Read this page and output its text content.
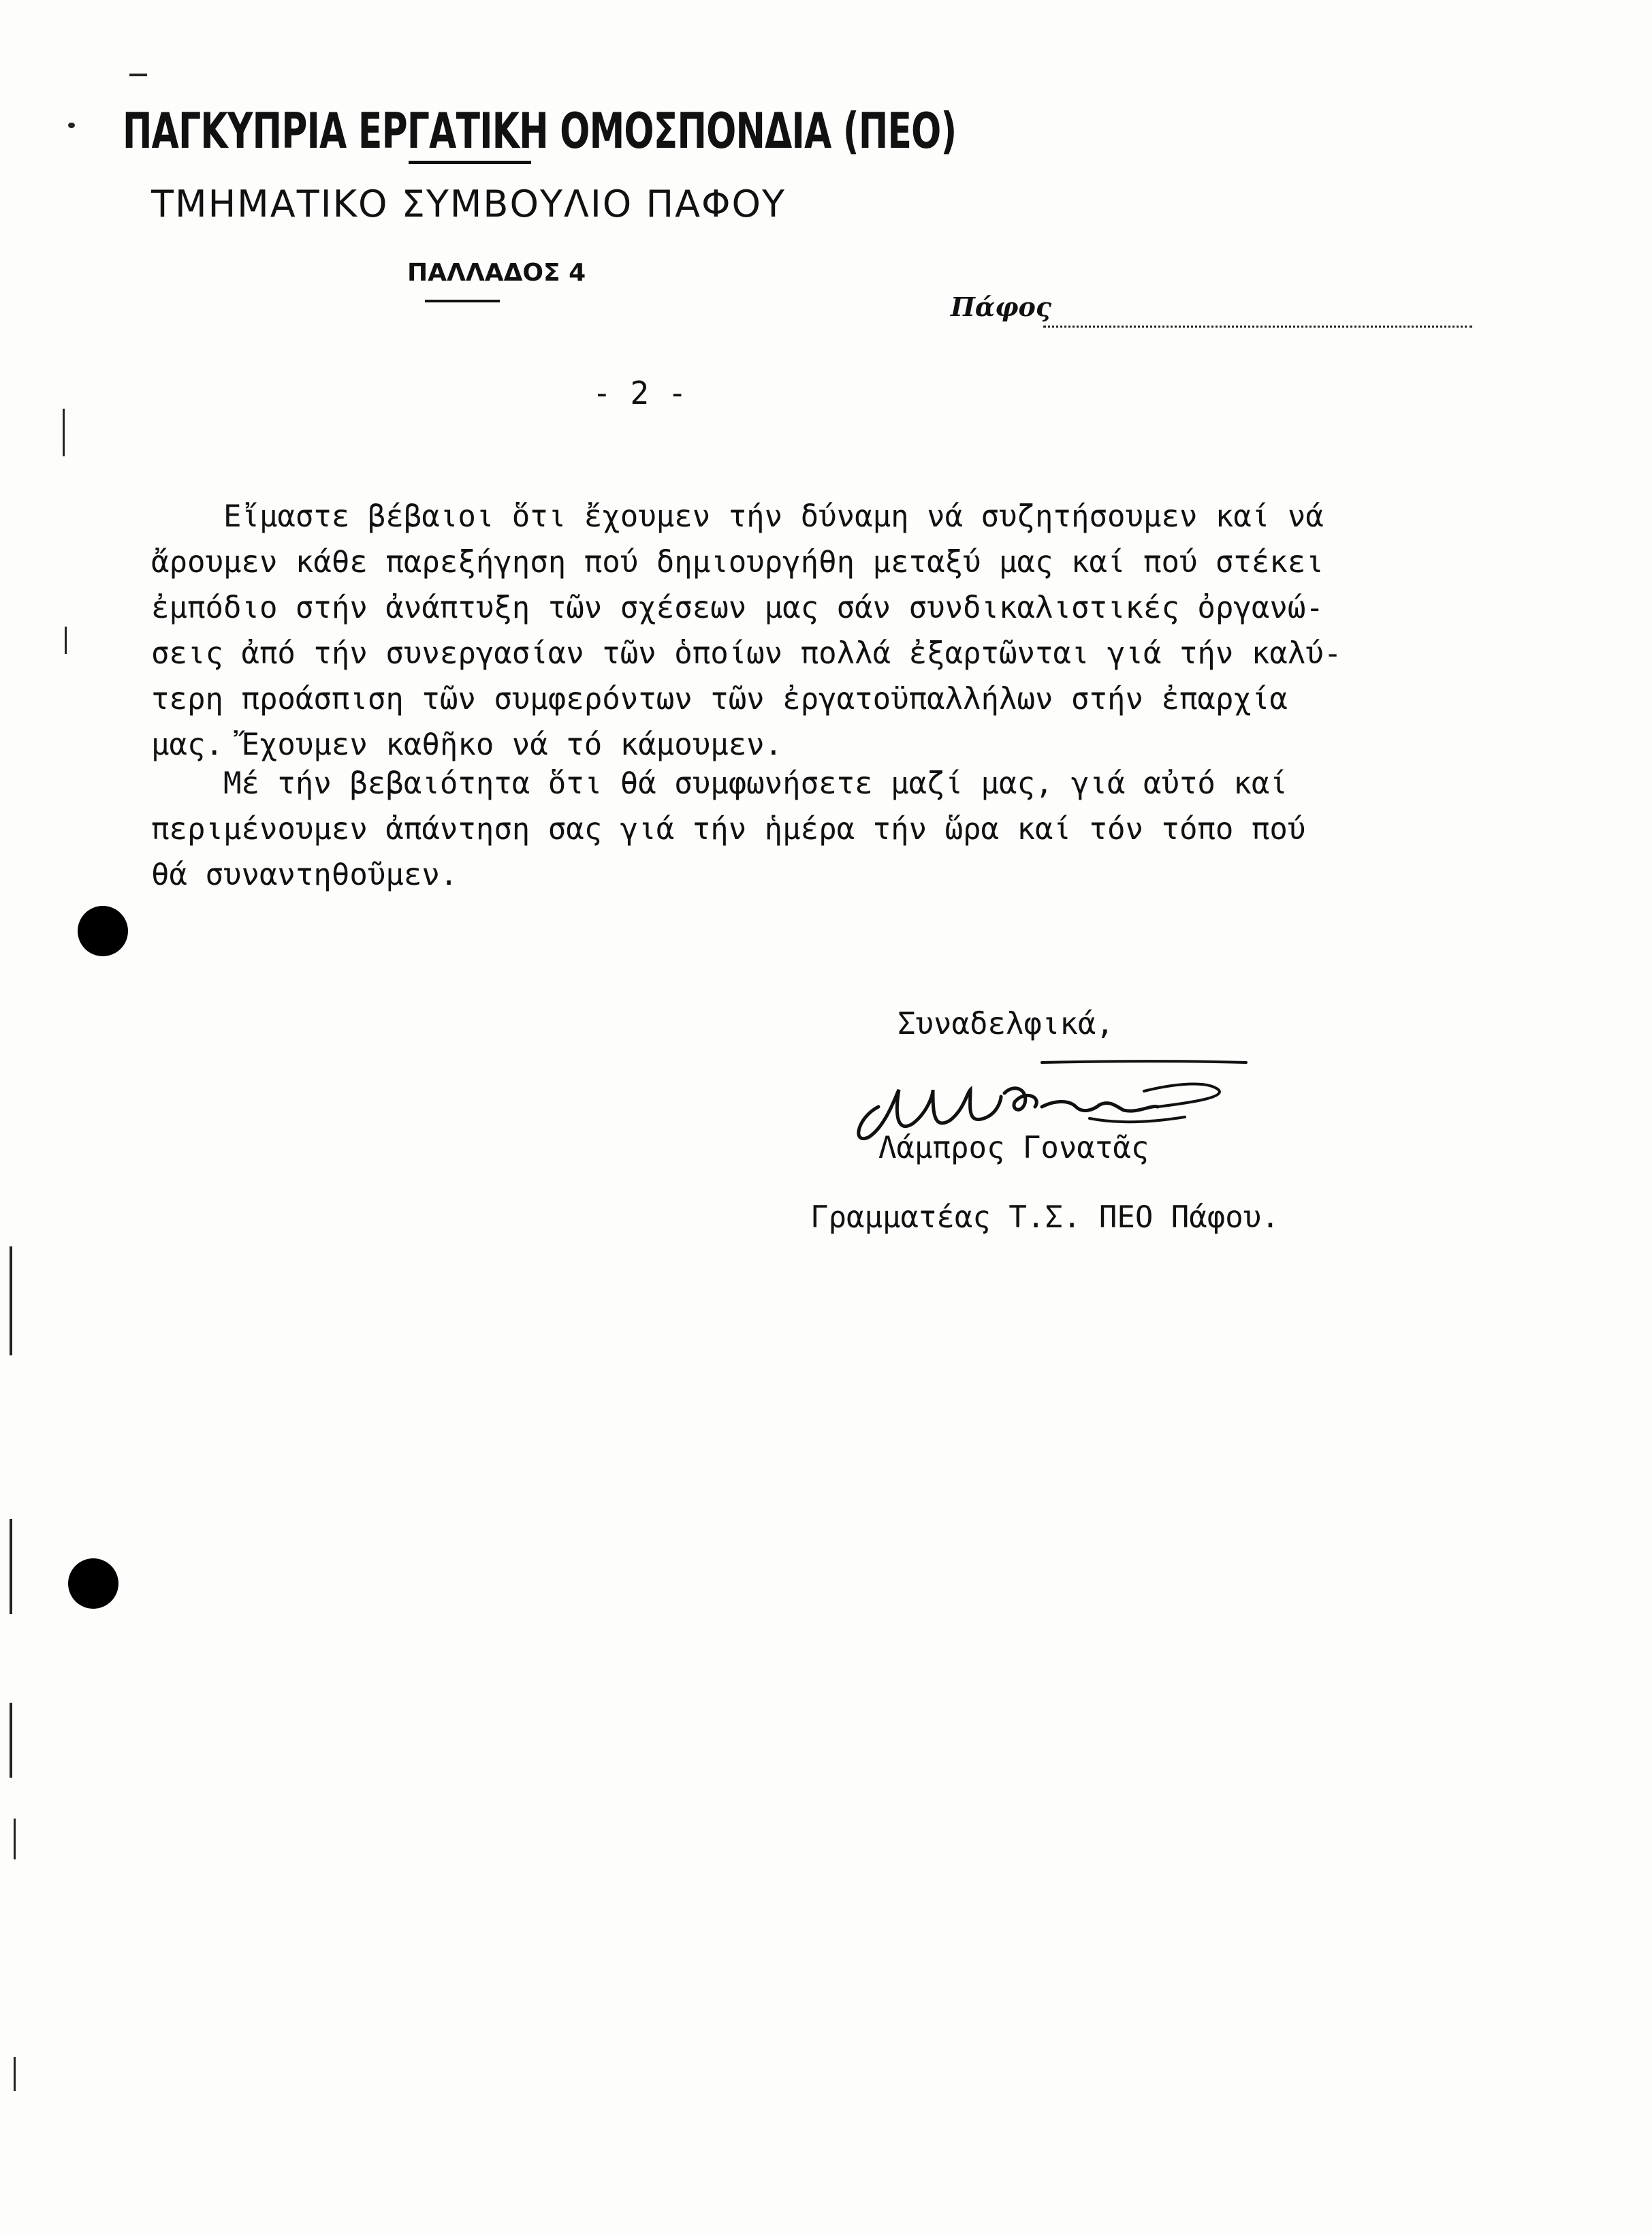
ΠΑΓΚΥΠΡΙΑ ΕΡΓΑΤΙΚΗ ΟΜΟΣΠΟΝΔΙΑ (ΠΕΟ)
ΤΜΗΜΑΤΙΚΟ ΣΥΜΒΟΥΛΙΟ ΠΑΦΟΥ
ΠΑΛΛΑΔΟΣ 4
Πάφος
- 2 -
Εἴμαστε βέβαιοι ὅτι ἔχουμεν τήν δύναμη νά συζητήσουμεν καί νά
ἄρουμεν κάθε παρεξήγηση πού δημιουργήθη μεταξύ μας καί πού στέκει
ἐμπόδιο στήν ἀνάπτυξη τῶν σχέσεων μας σάν συνδικαλιστικές ὀργανώ-
σεις ἀπό τήν συνεργασίαν τῶν ὁποίων πολλά ἐξαρτῶνται γιά τήν καλύ-
τερη προάσπιση τῶν συμφερόντων τῶν ἐργατοϋπαλλήλων στήν ἐπαρχία
μας. Ἔχουμεν καθῆκο νά τό κάμουμεν.
Μέ τήν βεβαιότητα ὅτι θά συμφωνήσετε μαζί μας, γιά αὐτό καί
περιμένουμεν ἀπάντηση σας γιά τήν ἡμέρα τήν ὥρα καί τόν τόπο πού
θά συναντηθοῦμεν.
Συναδελφικά,
Λάμπρος Γονατᾶς
Γραμματέας Τ.Σ. ΠΕΟ Πάφου.
